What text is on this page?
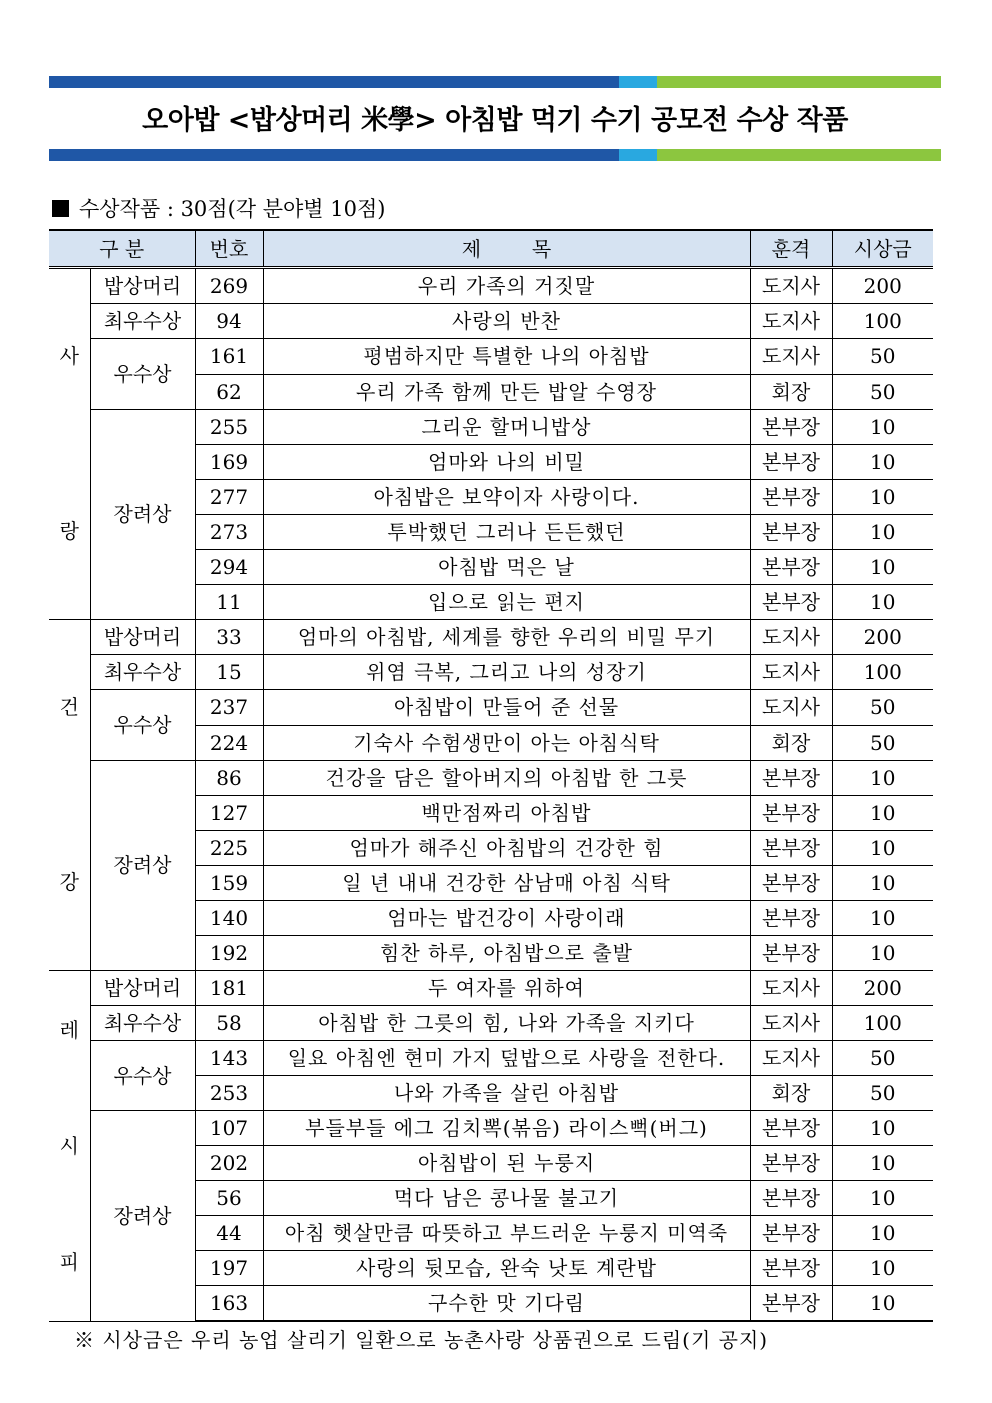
오아밥 <밥상머리 米學> 아침밥 먹기 수기 공모전 수상 작품
수상작품 : 30점(각 분야별 10점)
구 분		번호	제        목	훈격	시상금

사
랑	밥상머리	269	우리 가족의 거짓말	도지사	200
	최우수상	94	사랑의 반찬	도지사	100
	우수상	161	평범하지만 특별한 나의 아침밥	도지사	50
		62	우리 가족 함께 만든 밥알 수영장	회장	50
	장려상	255	그리운 할머니밥상	본부장	10
		169	엄마와 나의 비밀	본부장	10
		277	아침밥은 보약이자 사랑이다.	본부장	10
		273	투박했던 그러나 든든했던	본부장	10
		294	아침밥 먹은 날	본부장	10
		11	입으로 읽는 편지	본부장	10

건
강	밥상머리	33	엄마의 아침밥, 세계를 향한 우리의 비밀 무기	도지사	200
	최우수상	15	위염 극복, 그리고 나의 성장기	도지사	100
	우수상	237	아침밥이 만들어 준 선물	도지사	50
		224	기숙사 수험생만이 아는 아침식탁	회장	50
	장려상	86	건강을 담은 할아버지의 아침밥 한 그릇	본부장	10
		127	백만점짜리 아침밥	본부장	10
		225	엄마가 해주신 아침밥의 건강한 힘	본부장	10
		159	일 년 내내 건강한 삼남매 아침 식탁	본부장	10
		140	엄마는 밥건강이 사랑이래	본부장	10
		192	힘찬 하루, 아침밥으로 출발	본부장	10

레
시
피	밥상머리	181	두 여자를 위하여	도지사	200
	최우수상	58	아침밥 한 그릇의 힘, 나와 가족을 지키다	도지사	100
	우수상	143	일요 아침엔 현미 가지 덮밥으로 사랑을 전한다.	도지사	50
		253	나와 가족을 살린 아침밥	회장	50
	장려상	107	부들부들 에그 김치뽁(볶음) 라이스뻑(버그)	본부장	10
		202	아침밥이 된 누룽지	본부장	10
		56	먹다 남은 콩나물 불고기	본부장	10
		44	아침 햇살만큼 따뜻하고 부드러운 누룽지 미역죽	본부장	10
		197	사랑의 뒷모습, 완숙 낫토 계란밥	본부장	10
		163	구수한 맛 기다림	본부장	10
※ 시상금은 우리 농업 살리기 일환으로 농촌사랑 상품권으로 드림(기 공지)
